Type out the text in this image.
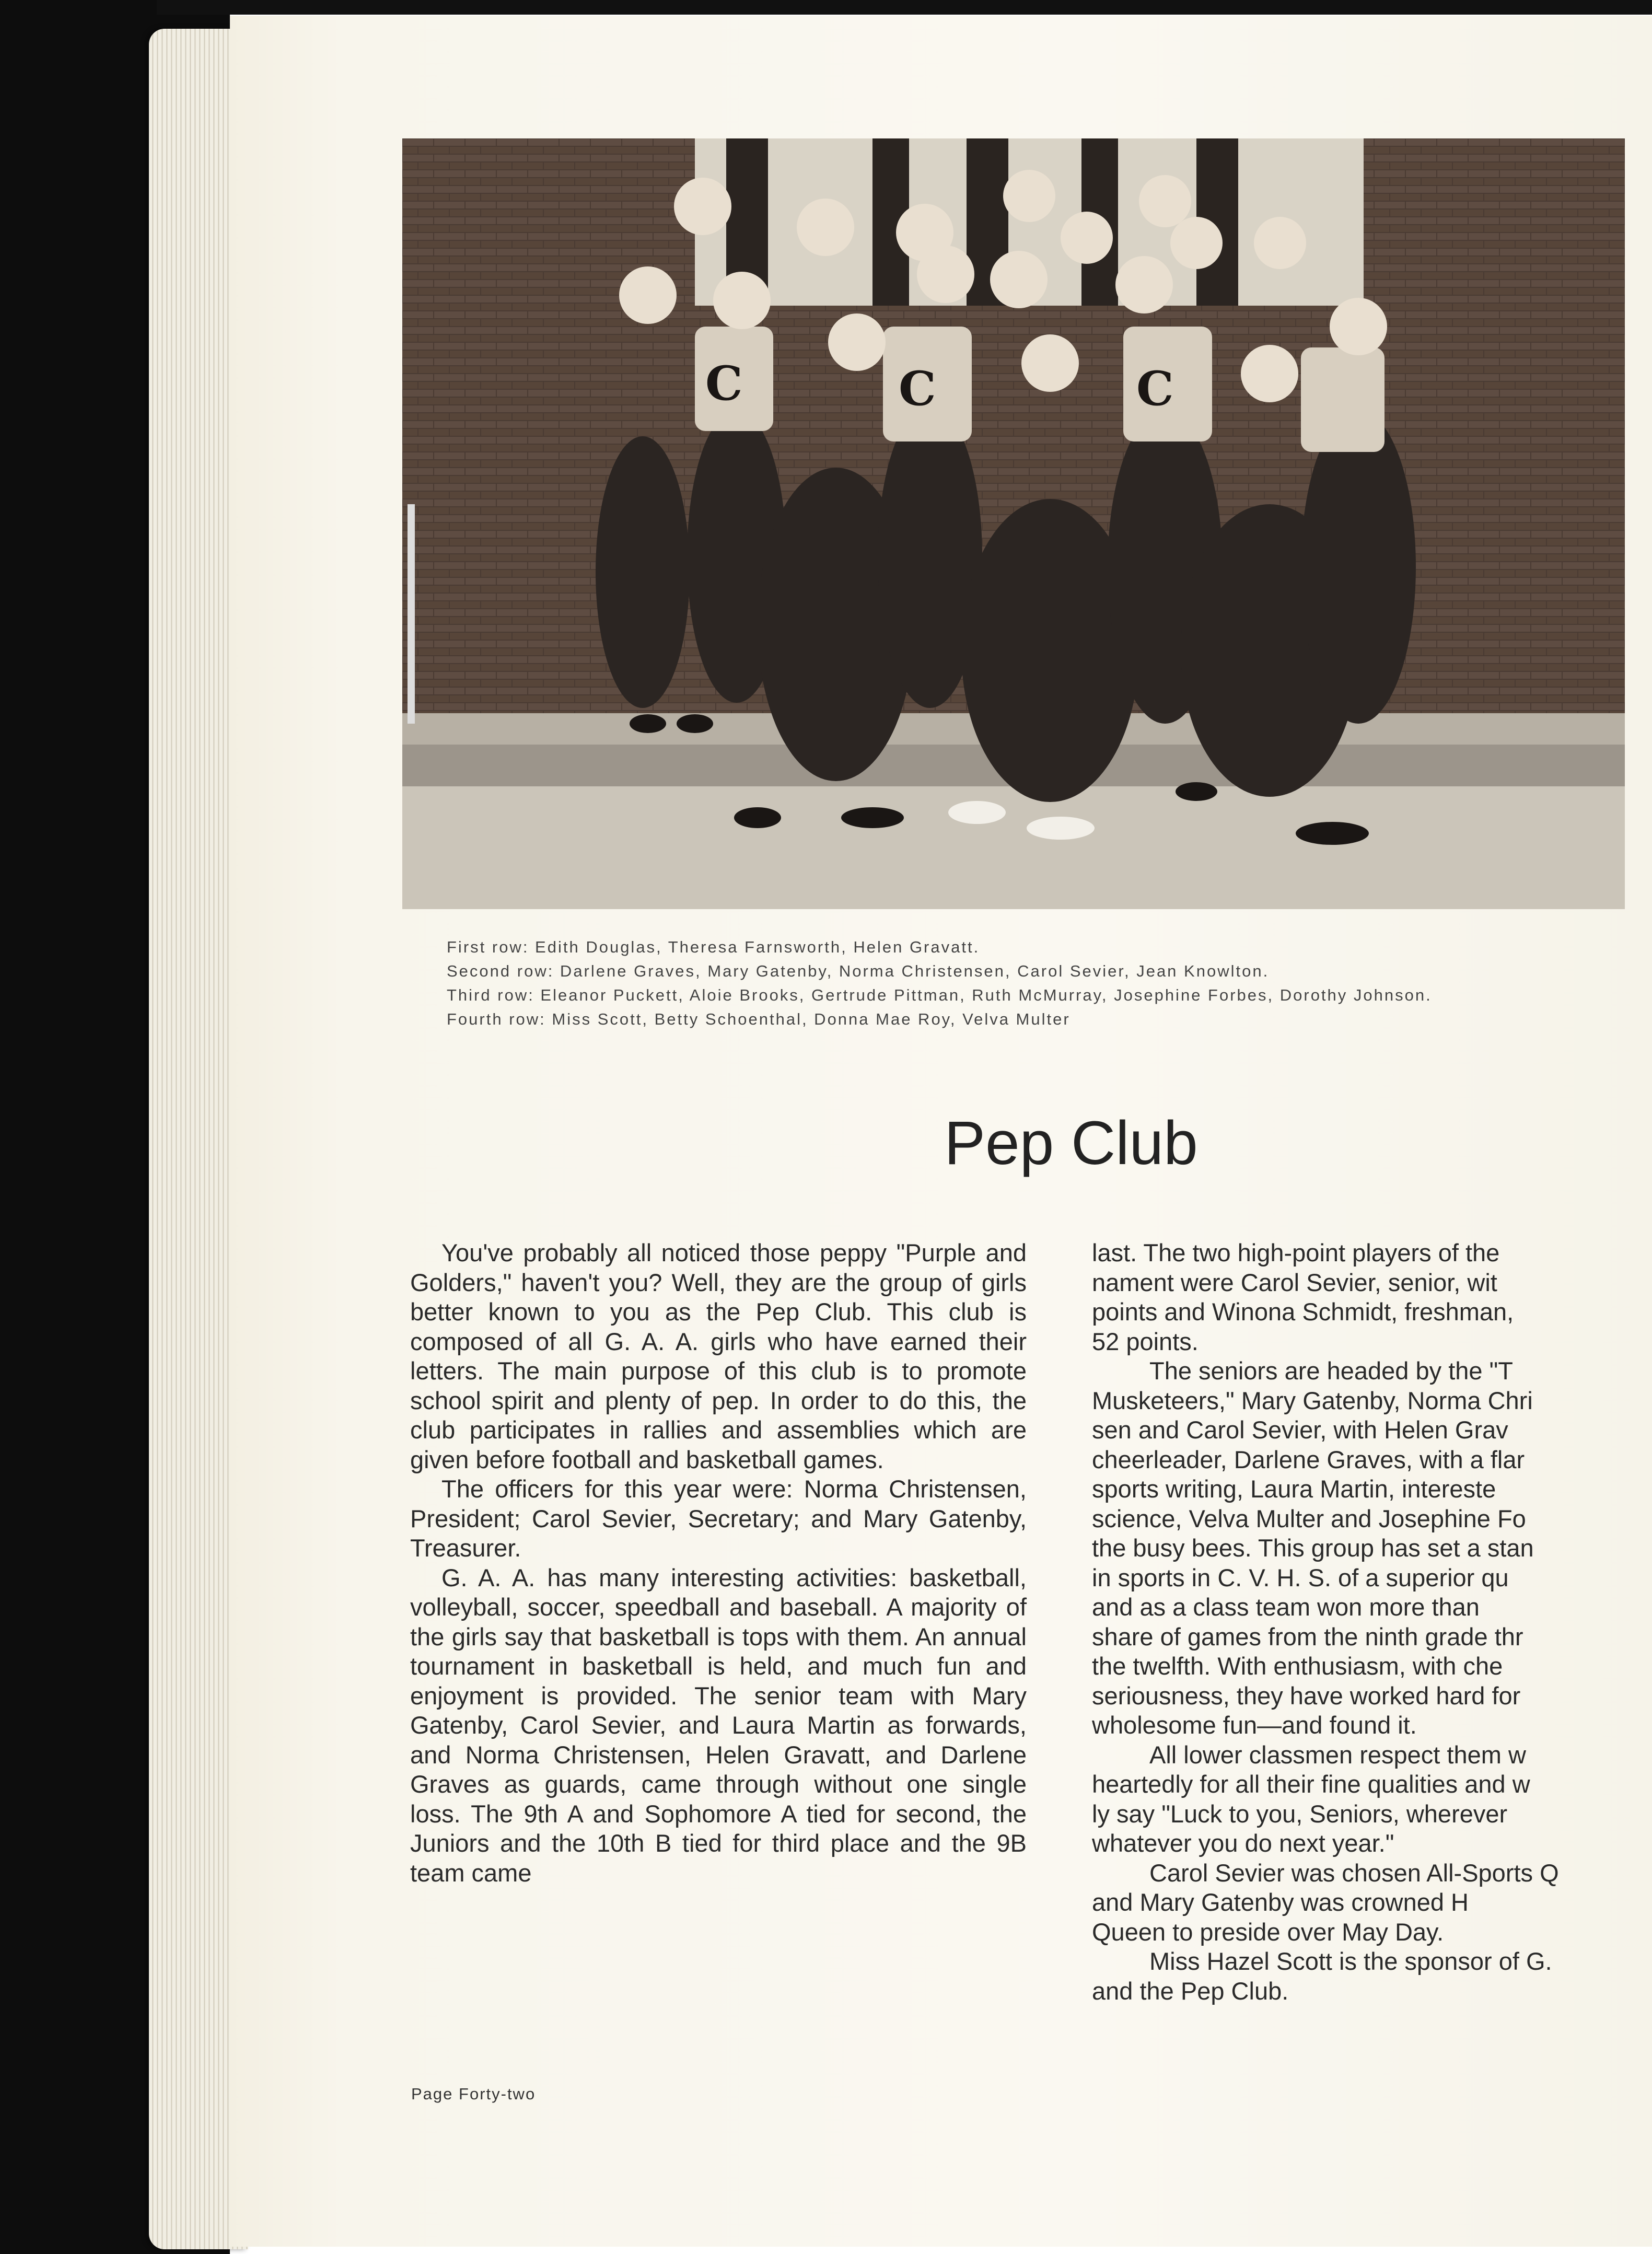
C	C	C
First row: Edith Douglas, Theresa Farnsworth, Helen Gravatt.
Second row: Darlene Graves, Mary Gatenby, Norma Christensen, Carol Sevier, Jean Knowlton.
Third row: Eleanor Puckett, Aloie Brooks, Gertrude Pittman, Ruth McMurray, Josephine Forbes, Dorothy Johnson.
Fourth row: Miss Scott, Betty Schoenthal, Donna Mae Roy, Velva Multer
Pep Club

You've probably all noticed those peppy "Purple and Golders," haven't you? Well, they are the group of girls better known to you as the Pep Club. This club is composed of all G. A. A. girls who have earned their letters. The main purpose of this club is to promote school spirit and plenty of pep. In order to do this, the club participates in rallies and assemblies which are given before football and basketball games.

The officers for this year were: Norma Christensen, President; Carol Sevier, Secretary; and Mary Gatenby, Treasurer.

G. A. A. has many interesting activities: basketball, volleyball, soccer, speedball and baseball. A majority of the girls say that basketball is tops with them. An annual tournament in basketball is held, and much fun and enjoyment is provided. The senior team with Mary Gatenby, Carol Sevier, and Laura Martin as forwards, and Norma Christensen, Helen Gravatt, and Darlene Graves as guards, came through without one single loss. The 9th A and Sophomore A tied for second, the Juniors and the 10th B tied for third place and the 9B team came

last. The two high-point players of the

nament were Carol Sevier, senior, wit

points and Winona Schmidt, freshman,

52 points.

The seniors are headed by the "T

Musketeers," Mary Gatenby, Norma Chri

sen and Carol Sevier, with Helen Grav

cheerleader, Darlene Graves, with a flar

sports writing, Laura Martin, intereste

science, Velva Multer and Josephine Fo

the busy bees. This group has set a stan

in sports in C. V. H. S. of a superior qu

and as a class team won more than

share of games from the ninth grade thr

the twelfth. With enthusiasm, with che

seriousness, they have worked hard for

wholesome fun—and found it.

All lower classmen respect them w

heartedly for all their fine qualities and w

ly say "Luck to you, Seniors, wherever

whatever you do next year."

Carol Sevier was chosen All-Sports Q

and Mary Gatenby was crowned H

Queen to preside over May Day.

Miss Hazel Scott is the sponsor of G.

and the Pep Club.

Page Forty-two
